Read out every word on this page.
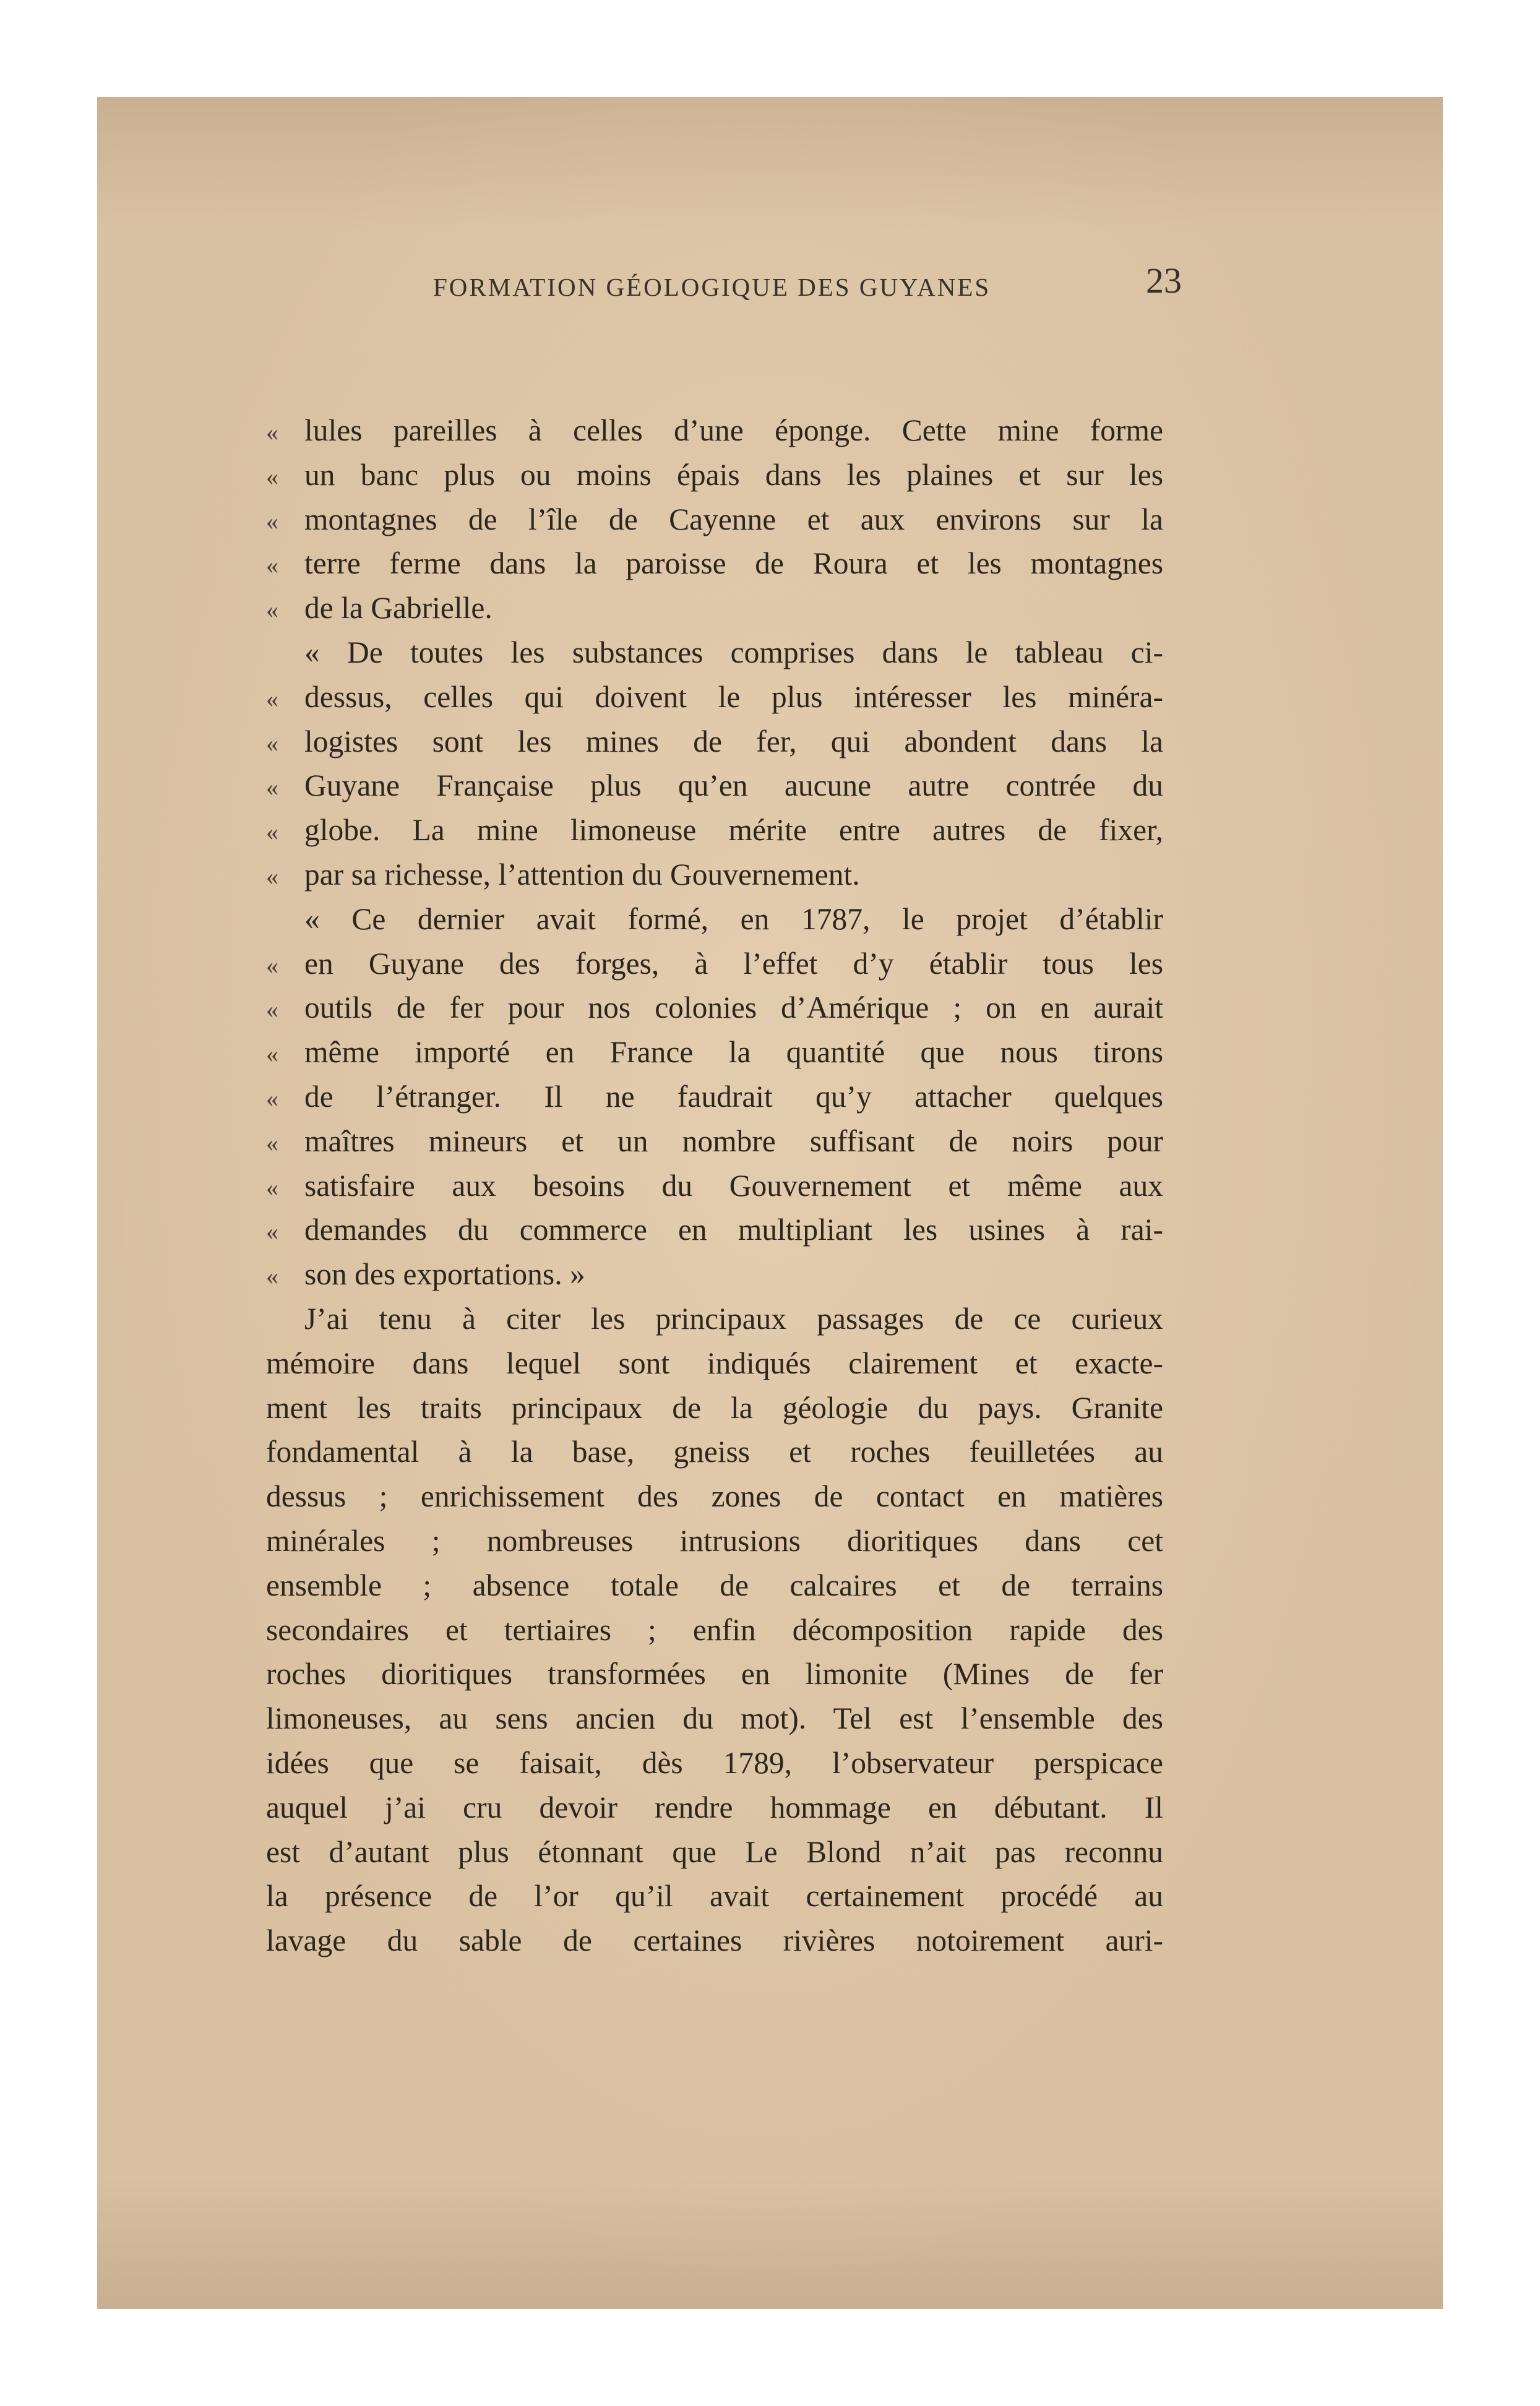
FORMATION GÉOLOGIQUE DES GUYANES	23
« lules pareilles à celles d’une éponge. Cette mine forme
« un banc plus ou moins épais dans les plaines et sur les
« montagnes de l’île de Cayenne et aux environs sur la
« terre ferme dans la paroisse de Roura et les montagnes
« de la Gabrielle.
« De toutes les substances comprises dans le tableau ci-
« dessus, celles qui doivent le plus intéresser les minéra-
« logistes sont les mines de fer, qui abondent dans la
« Guyane Française plus qu’en aucune autre contrée du
« globe. La mine limoneuse mérite entre autres de fixer,
« par sa richesse, l’attention du Gouvernement.
« Ce dernier avait formé, en 1787, le projet d’établir
« en Guyane des forges, à l’effet d’y établir tous les
« outils de fer pour nos colonies d’Amérique ; on en aurait
« même importé en France la quantité que nous tirons
« de l’étranger. Il ne faudrait qu’y attacher quelques
« maîtres mineurs et un nombre suffisant de noirs pour
« satisfaire aux besoins du Gouvernement et même aux
« demandes du commerce en multipliant les usines à rai-
« son des exportations. »
J’ai tenu à citer les principaux passages de ce curieux
mémoire dans lequel sont indiqués clairement et exacte-
ment les traits principaux de la géologie du pays. Granite
fondamental à la base, gneiss et roches feuilletées au
dessus ; enrichissement des zones de contact en matières
minérales ; nombreuses intrusions dioritiques dans cet
ensemble ; absence totale de calcaires et de terrains
secondaires et tertiaires ; enfin décomposition rapide des
roches dioritiques transformées en limonite (Mines de fer
limoneuses, au sens ancien du mot). Tel est l’ensemble des
idées que se faisait, dès 1789, l’observateur perspicace
auquel j’ai cru devoir rendre hommage en débutant. Il
est d’autant plus étonnant que Le Blond n’ait pas reconnu
la présence de l’or qu’il avait certainement procédé au
lavage du sable de certaines rivières notoirement auri-
